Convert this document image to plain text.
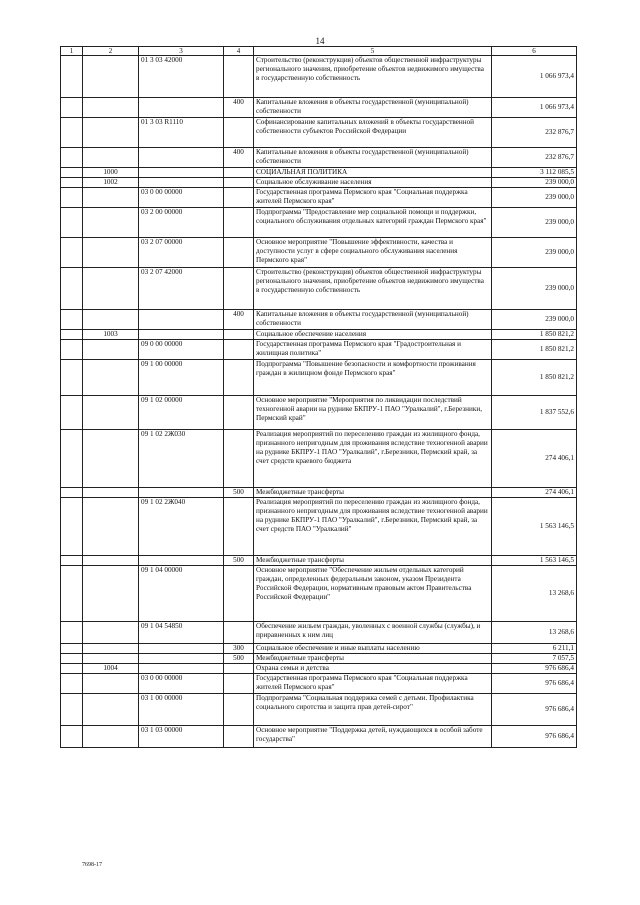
14
1	2	3	4	5	6
		01 3 03 42000		Строительство (реконструкция) объектов общественной инфраструктуры регионального значения, приобретение объектов недвижимого имущества в государственную собственность	1 066 973,4
			400	Капитальные вложения в объекты государственной (муниципальной) собственности	1 066 973,4
		01 3 03 R1110		Софинансирование капитальных вложений в объекты государственной собственности субъектов Российской Федерации	232 876,7
			400	Капитальные вложения в объекты государственной (муниципальной) собственности	232 876,7
	1000			СОЦИАЛЬНАЯ ПОЛИТИКА	3 112 085,5
	1002			Социальное обслуживание населения	239 000,0
		03 0 00 00000		Государственная программа Пермского края "Социальная поддержка жителей Пермского края"	239 000,0
		03 2 00 00000		Подпрограмма "Предоставление мер социальной помощи и поддержки, социального обслуживания отдельных категорий граждан Пермского края"	239 000,0
		03 2 07 00000		Основное мероприятие "Повышение эффективности, качества и доступности услуг в сфере социального обслуживания населения Пермского края"	239 000,0
		03 2 07 42000		Строительство (реконструкция) объектов общественной инфраструктуры регионального значения, приобретение объектов недвижимого имущества в государственную собственность	239 000,0
			400	Капитальные вложения в объекты государственной (муниципальной) собственности	239 000,0
	1003			Социальное обеспечение населения	1 850 821,2
		09 0 00 00000		Государственная программа Пермского края "Градостроительная и жилищная политика"	1 850 821,2
		09 1 00 00000		Подпрограмма "Повышение безопасности и комфортности проживания граждан в жилищном фонде Пермского края"	1 850 821,2
		09 1 02 00000		Основное мероприятие "Мероприятия по ликвидации последствий техногенной аварии на руднике БКПРУ-1 ПАО "Уралкалий", г.Березники, Пермский край"	1 837 552,6
		09 1 02 2Ж030		Реализация мероприятий по переселению граждан из жилищного фонда, признанного непригодным для проживания вследствие техногенной аварии на руднике БКПРУ-1 ПАО "Уралкалий", г.Березники, Пермский край, за счет средств краевого бюджета	274 406,1
			500	Межбюджетные трансферты	274 406,1
		09 1 02 2Ж040		Реализация мероприятий по переселению граждан из жилищного фонда, признанного непригодным для проживания вследствие техногенной аварии на руднике БКПРУ-1 ПАО "Уралкалий", г.Березники, Пермский край, за счет средств ПАО "Уралкалий"	1 563 146,5
			500	Межбюджетные трансферты	1 563 146,5
		09 1 04 00000		Основное мероприятие "Обеспечение жильем отдельных категорий граждан, определенных федеральным законом, указом Президента Российской Федерации, нормативным правовым актом Правительства Российской Федерации"	13 268,6
		09 1 04 54850		Обеспечение жильем граждан, уволенных с военной службы (службы), и приравненных к ним лиц	13 268,6
			300	Социальное обеспечение и иные выплаты населению	6 211,1
			500	Межбюджетные трансферты	7 057,5
	1004			Охрана семьи и детства	976 686,4
		03 0 00 00000		Государственная программа Пермского края "Социальная поддержка жителей Пермского края"	976 686,4
		03 1 00 00000		Подпрограмма "Социальная поддержка семей с детьми. Профилактика социального сиротства и защита прав детей-сирот"	976 686,4
		03 1 03 00000		Основное мероприятие "Поддержка детей, нуждающихся в особой заботе государства"	976 686,4
7698-17
